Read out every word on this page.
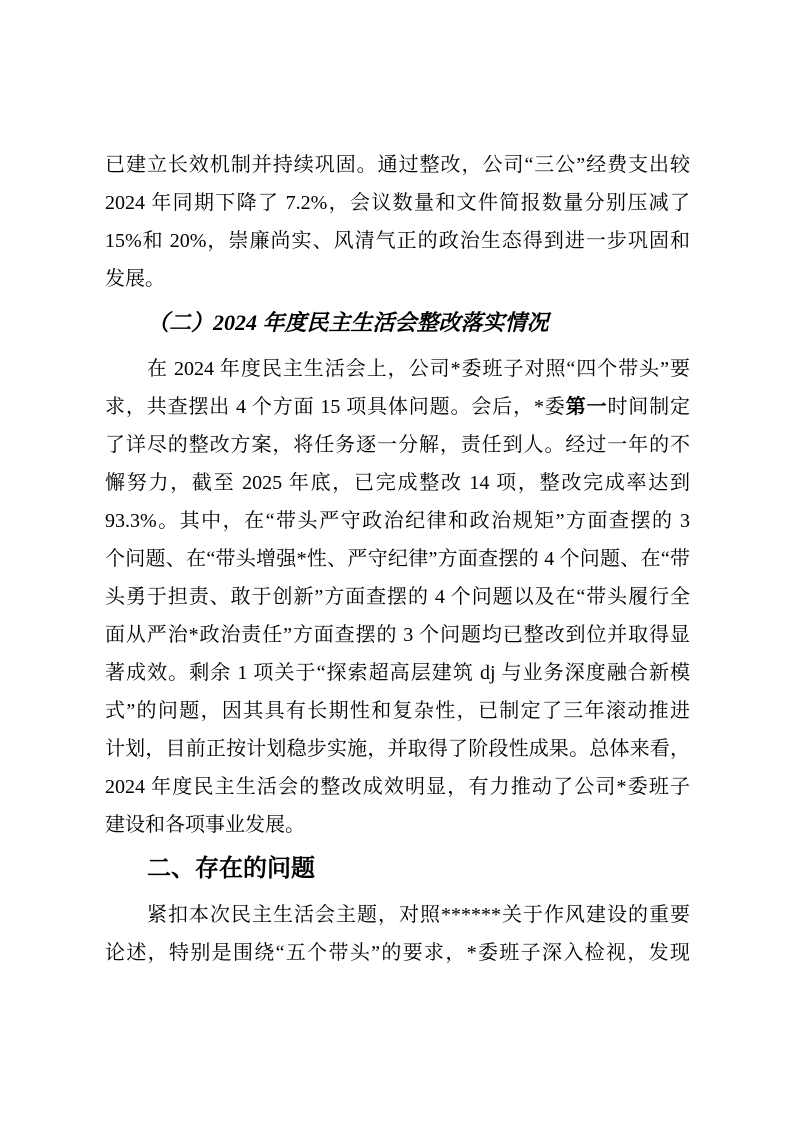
已建立长效机制并持续巩固。通过整改，公司“三公”经费支出较
2024 年同期下降了 7.2%，会议数量和文件简报数量分别压减了
15%和 20%，崇廉尚实、风清气正的政治生态得到进一步巩固和
发展。
（二）2024 年度民主生活会整改落实情况
在 2024 年度民主生活会上，公司*委班子对照“四个带头”要
求，共查摆出 4 个方面 15 项具体问题。会后，*委第一时间制定
了详尽的整改方案，将任务逐一分解，责任到人。经过一年的不
懈努力，截至 2025 年底，已完成整改 14 项，整改完成率达到
93.3%。其中，在“带头严守政治纪律和政治规矩”方面查摆的 3
个问题、在“带头增强*性、严守纪律”方面查摆的 4 个问题、在“带
头勇于担责、敢于创新”方面查摆的 4 个问题以及在“带头履行全
面从严治*政治责任”方面查摆的 3 个问题均已整改到位并取得显
著成效。剩余 1 项关于“探索超高层建筑 dj 与业务深度融合新模
式”的问题，因其具有长期性和复杂性，已制定了三年滚动推进
计划，目前正按计划稳步实施，并取得了阶段性成果。总体来看，
2024 年度民主生活会的整改成效明显，有力推动了公司*委班子
建设和各项事业发展。
二、存在的问题
紧扣本次民主生活会主题，对照******关于作风建设的重要
论述，特别是围绕“五个带头”的要求，*委班子深入检视，发现
